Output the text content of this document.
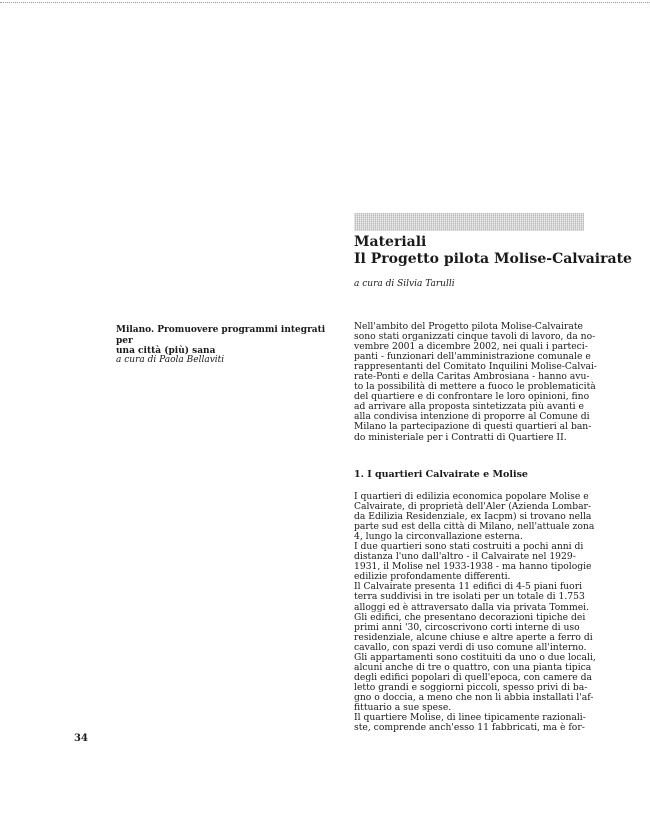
Materiali
Il Progetto pilota Molise-Calvairate
a cura di Silvia Tarulli
Milano. Promuovere programmi integrati per
una città (più) sana
a cura di Paola Bellaviti
Nell'ambito del Progetto pilota Molise-Calvairate
sono stati organizzati cinque tavoli di lavoro, da no-
vembre 2001 a dicembre 2002, nei quali i parteci-
panti - funzionari dell'amministrazione comunale e
rappresentanti del Comitato Inquilini Molise-Calvai-
rate-Ponti e della Caritas Ambrosiana - hanno avu-
to la possibilità di mettere a fuoco le problematicità
del quartiere e di confrontare le loro opinioni, fino
ad arrivare alla proposta sintetizzata più avanti e
alla condivisa intenzione di proporre al Comune di
Milano la partecipazione di questi quartieri al ban-
do ministeriale per i Contratti di Quartiere II.
1. I quartieri Calvairate e Molise
I quartieri di edilizia economica popolare Molise e
Calvairate, di proprietà dell'Aler (Azienda Lombar-
da Edilizia Residenziale, ex Iacpm) si trovano nella
parte sud est della città di Milano, nell'attuale zona
4, lungo la circonvallazione esterna.
I due quartieri sono stati costruiti a pochi anni di
distanza l'uno dall'altro - il Calvairate nel 1929-
1931, il Molise nel 1933-1938 - ma hanno tipologie
edilizie profondamente differenti.
Il Calvairate presenta 11 edifici di 4-5 piani fuori
terra suddivisi in tre isolati per un totale di 1.753
alloggi ed è attraversato dalla via privata Tommei.
Gli edifici, che presentano decorazioni tipiche dei
primi anni '30, circoscrivono corti interne di uso
residenziale, alcune chiuse e altre aperte a ferro di
cavallo, con spazi verdi di uso comune all'interno.
Gli appartamenti sono costituiti da uno o due locali,
alcuni anche di tre o quattro, con una pianta tipica
degli edifici popolari di quell'epoca, con camere da
letto grandi e soggiorni piccoli, spesso privi di ba-
gno o doccia, a meno che non li abbia installati l'af-
fittuario a sue spese.
Il quartiere Molise, di linee tipicamente razionali-
ste, comprende anch'esso 11 fabbricati, ma è for-
34
